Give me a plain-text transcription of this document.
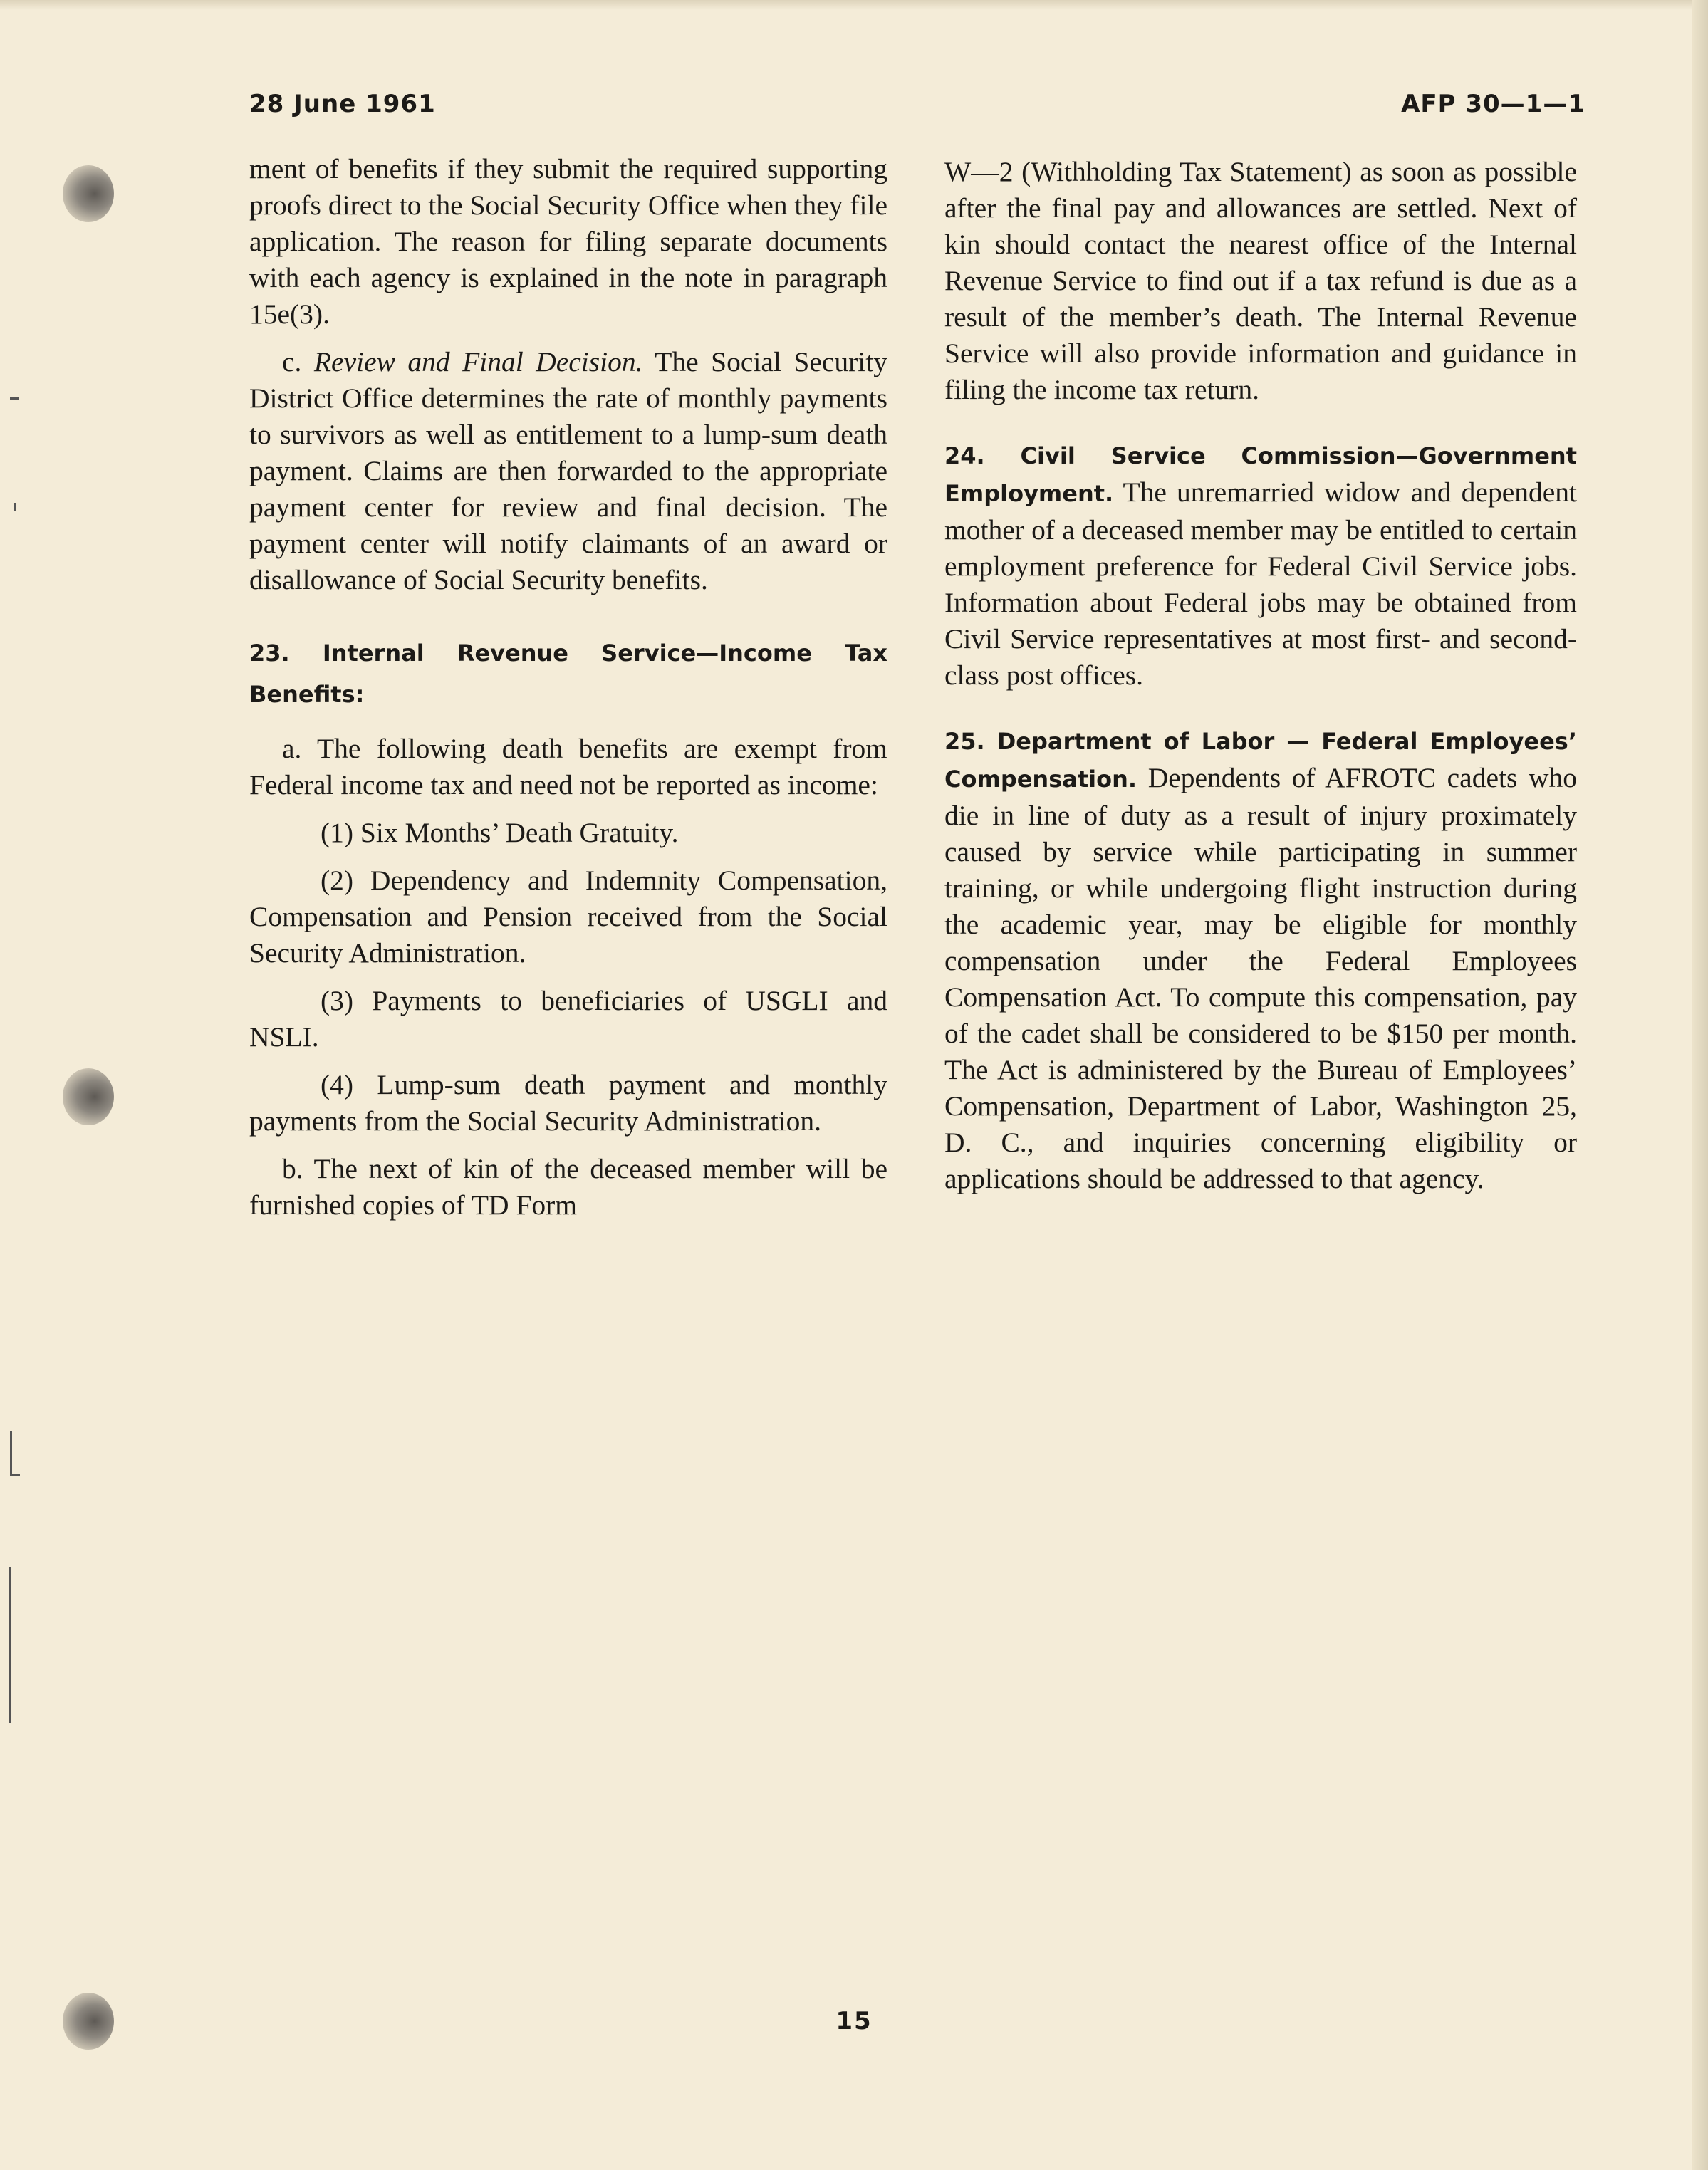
28 June 1961	AFP 30—1—1

ment of benefits if they submit the required supporting proofs direct to the Social Security Office when they file application. The reason for filing separate documents with each agency is explained in the note in paragraph 15e(3).

c. Review and Final Decision. The Social Security District Office determines the rate of monthly payments to survivors as well as entitlement to a lump-sum death payment. Claims are then forwarded to the appropriate payment center for review and final decision. The payment center will notify claimants of an award or disallowance of Social Security benefits.

23. Internal Revenue Service—Income Tax Benefits:

a. The following death benefits are exempt from Federal income tax and need not be reported as income:

(1) Six Months’ Death Gratuity.

(2) Dependency and Indemnity Compensation, Compensation and Pension received from the Social Security Administration.

(3) Payments to beneficiaries of USGLI and NSLI.

(4) Lump-sum death payment and monthly payments from the Social Security Administration.

b. The next of kin of the deceased member will be furnished copies of TD Form

W—2 (Withholding Tax Statement) as soon as possible after the final pay and allowances are settled. Next of kin should contact the nearest office of the Internal Revenue Service to find out if a tax refund is due as a result of the member’s death. The Internal Revenue Service will also provide information and guidance in filing the income tax return.

24. Civil Service Commission—Government Employment. The unremarried widow and dependent mother of a deceased member may be entitled to certain employment preference for Federal Civil Service jobs. Information about Federal jobs may be obtained from Civil Service representatives at most first- and second-class post offices.

25. Department of Labor — Federal Employees’ Compensation. Dependents of AFROTC cadets who die in line of duty as a result of injury proximately caused by service while participating in summer training, or while undergoing flight instruction during the academic year, may be eligible for monthly compensation under the Federal Employees Compensation Act. To compute this compensation, pay of the cadet shall be considered to be $150 per month. The Act is administered by the Bureau of Employees’ Compensation, Department of Labor, Washington 25, D. C., and inquiries concerning eligibility or applications should be addressed to that agency.

15
